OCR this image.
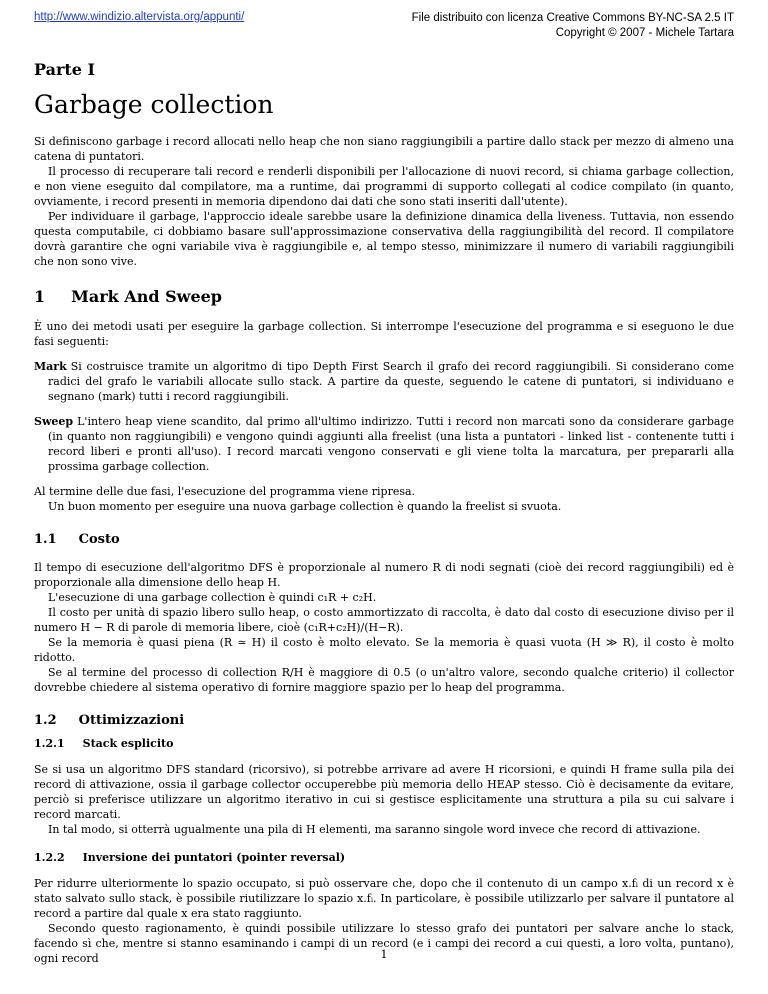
http://www.windizio.altervista.org/appunti/	File distribuito con licenza Creative Commons BY-NC-SA 2.5 IT
Copyright © 2007 - Michele Tartara
Parte I
Garbage collection

Si definiscono garbage i record allocati nello heap che non siano raggiungibili a partire dallo stack per mezzo di almeno una catena di puntatori.

Il processo di recuperare tali record e renderli disponibili per l'allocazione di nuovi record, si chiama garbage collection, e non viene eseguito dal compilatore, ma a runtime, dai programmi di supporto collegati al codice compilato (in quanto, ovviamente, i record presenti in memoria dipendono dai dati che sono stati inseriti dall'utente).

Per individuare il garbage, l'approccio ideale sarebbe usare la definizione dinamica della liveness. Tuttavia, non essendo questa computabile, ci dobbiamo basare sull'approssimazione conservativa della raggiungibilità del record. Il compilatore dovrà garantire che ogni variabile viva è raggiungibile e, al tempo stesso, minimizzare il numero di variabili raggiungibili che non sono vive.

1 Mark And Sweep

È uno dei metodi usati per eseguire la garbage collection. Si interrompe l'esecuzione del programma e si eseguono le due fasi seguenti:

Mark Si costruisce tramite un algoritmo di tipo Depth First Search il grafo dei record raggiungibili. Si considerano come radici del grafo le variabili allocate sullo stack. A partire da queste, seguendo le catene di puntatori, si individuano e segnano (mark) tutti i record raggiungibili.

Sweep L'intero heap viene scandito, dal primo all'ultimo indirizzo. Tutti i record non marcati sono da considerare garbage (in quanto non raggiungibili) e vengono quindi aggiunti alla freelist (una lista a puntatori - linked list - contenente tutti i record liberi e pronti all'uso). I record marcati vengono conservati e gli viene tolta la marcatura, per prepararli alla prossima garbage collection.

Al termine delle due fasi, l'esecuzione del programma viene ripresa.

Un buon momento per eseguire una nuova garbage collection è quando la freelist si svuota.

1.1 Costo

Il tempo di esecuzione dell'algoritmo DFS è proporzionale al numero R di nodi segnati (cioè dei record raggiungibili) ed è proporzionale alla dimensione dello heap H.

L'esecuzione di una garbage collection è quindi c₁R + c₂H.

Il costo per unità di spazio libero sullo heap, o costo ammortizzato di raccolta, è dato dal costo di esecuzione diviso per il numero H − R di parole di memoria libere, cioè (c₁R+c₂H)/(H−R).

Se la memoria è quasi piena (R ≃ H) il costo è molto elevato. Se la memoria è quasi vuota (H ≫ R), il costo è molto ridotto.

Se al termine del processo di collection R/H è maggiore di 0.5 (o un'altro valore, secondo qualche criterio) il collector dovrebbe chiedere al sistema operativo di fornire maggiore spazio per lo heap del programma.

1.2 Ottimizzazioni
1.2.1 Stack esplicito

Se si usa un algoritmo DFS standard (ricorsivo), si potrebbe arrivare ad avere H ricorsioni, e quindi H frame sulla pila dei record di attivazione, ossia il garbage collector occuperebbe più memoria dello HEAP stesso. Ciò è decisamente da evitare, perciò si preferisce utilizzare un algoritmo iterativo in cui si gestisce esplicitamente una struttura a pila su cui salvare i record marcati.

In tal modo, si otterrà ugualmente una pila di H elementi, ma saranno singole word invece che record di attivazione.

1.2.2 Inversione dei puntatori (pointer reversal)

Per ridurre ulteriormente lo spazio occupato, si può osservare che, dopo che il contenuto di un campo x.fᵢ di un record x è stato salvato sullo stack, è possibile riutilizzare lo spazio x.fᵢ. In particolare, è possibile utilizzarlo per salvare il puntatore al record a partire dal quale x era stato raggiunto.

Secondo questo ragionamento, è quindi possibile utilizzare lo stesso grafo dei puntatori per salvare anche lo stack, facendo sì che, mentre si stanno esaminando i campi di un record (e i campi dei record a cui questi, a loro volta, puntano), ogni record	1
